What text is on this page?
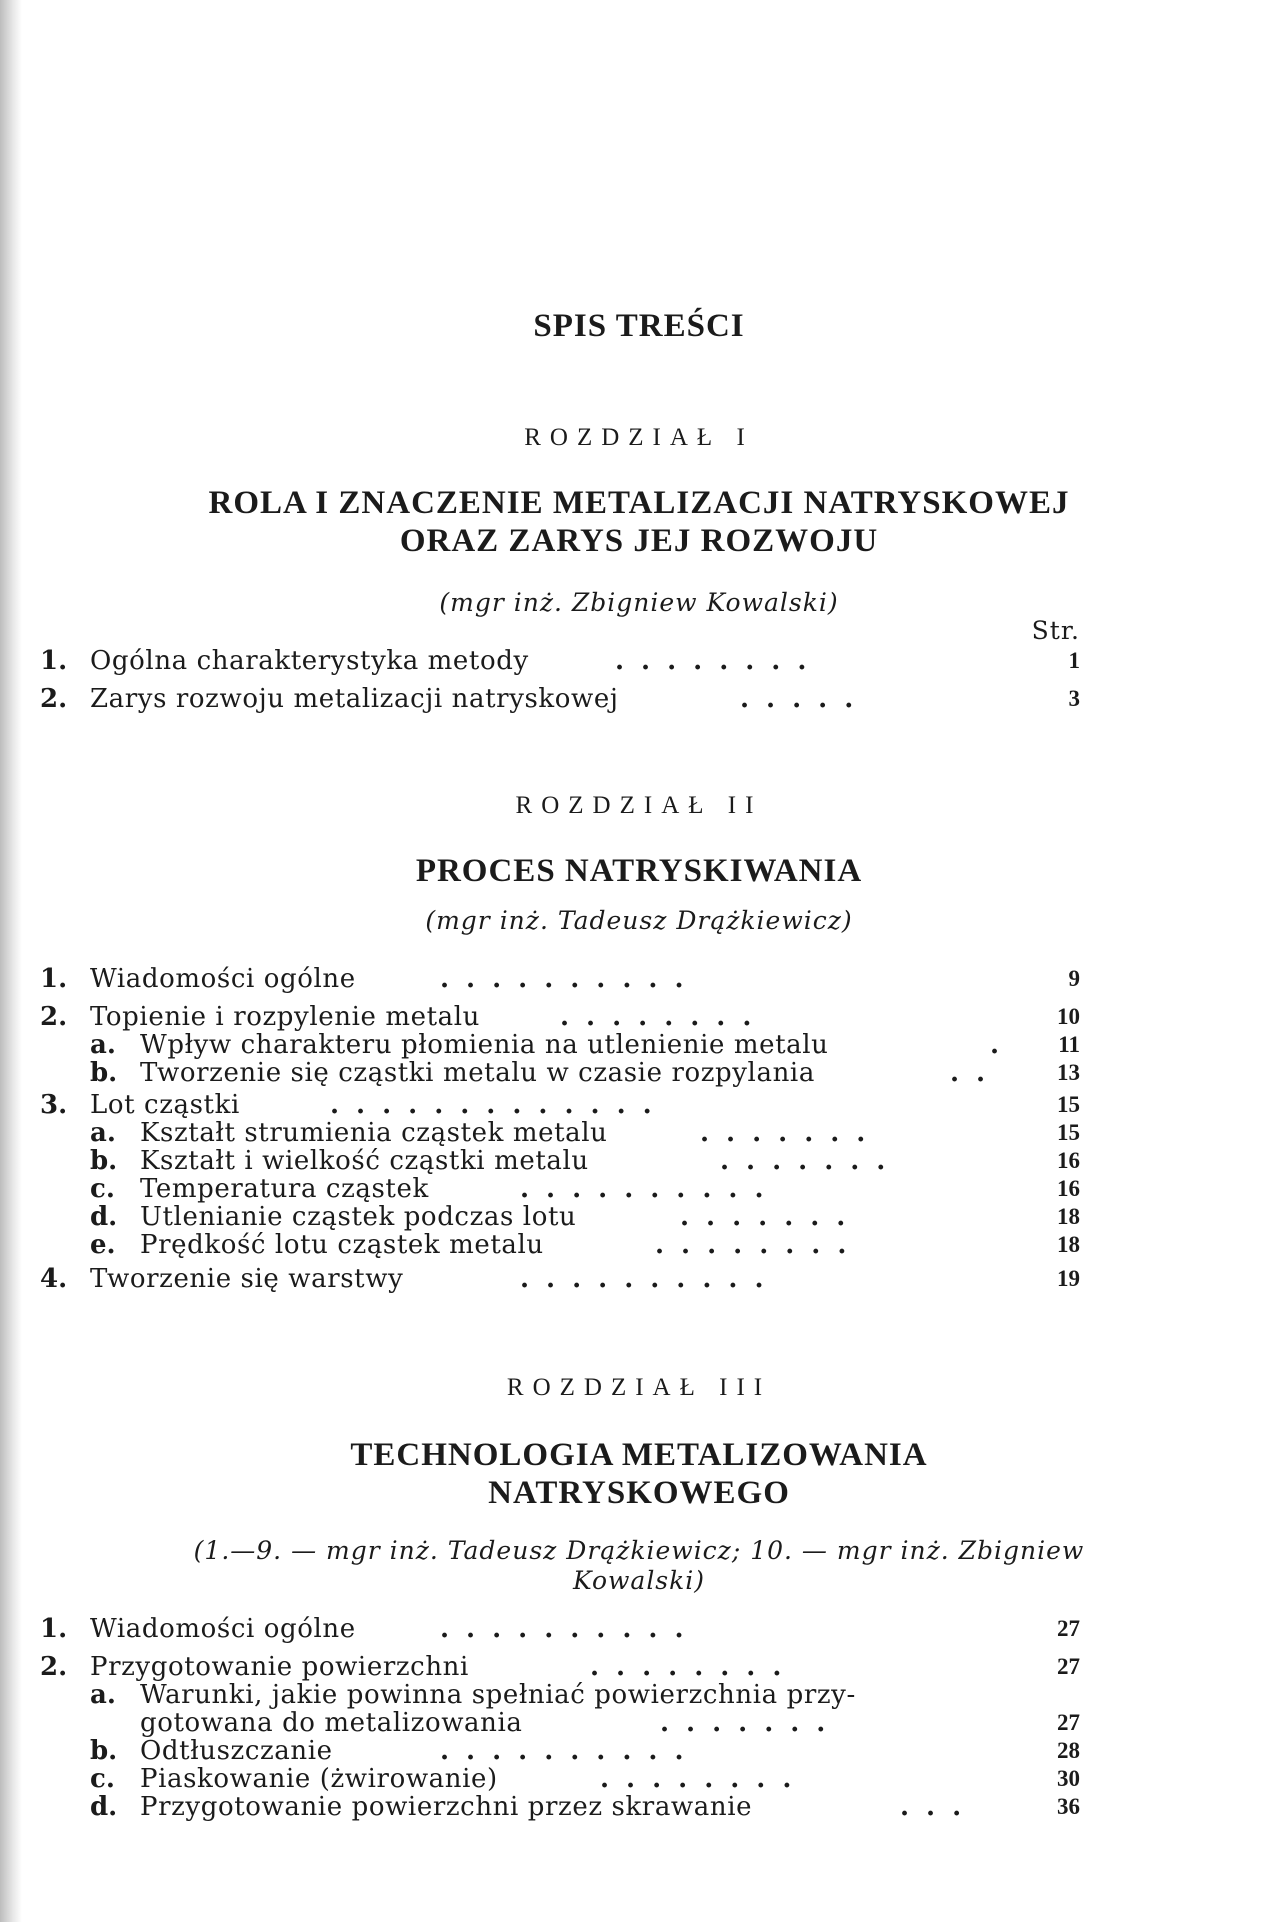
SPIS TREŚCI
ROZDZIAŁ I
ROLA I ZNACZENIE METALIZACJI NATRYSKOWEJ
ORAZ ZARYS JEJ ROZWOJU
(mgr inż. Zbigniew Kowalski)
Str.
1. Ogólna charakterystyka metody	........	1
2. Zarys rozwoju metalizacji natryskowej	.....	3
ROZDZIAŁ II
PROCES NATRYSKIWANIA
(mgr inż. Tadeusz Drążkiewicz)
1. Wiadomości ogólne	..........	9
2. Topienie i rozpylenie metalu	........	10
a. Wpływ charakteru płomienia na utlenienie metalu	.	11
b. Tworzenie się cząstki metalu w czasie rozpylania	..	13
3. Lot cząstki	.............	15
a. Kształt strumienia cząstek metalu	.......	15
b. Kształt i wielkość cząstki metalu	.......	16
c. Temperatura cząstek	..........	16
d. Utlenianie cząstek podczas lotu	.......	18
e. Prędkość lotu cząstek metalu	........	18
4. Tworzenie się warstwy	..........	19
ROZDZIAŁ III
TECHNOLOGIA METALIZOWANIA
NATRYSKOWEGO
(1.—9. — mgr inż. Tadeusz Drążkiewicz; 10. — mgr inż. Zbigniew
Kowalski)
1. Wiadomości ogólne	..........	27
2. Przygotowanie powierzchni	........	27
a. Warunki, jakie powinna spełniać powierzchnia przy-
gotowana do metalizowania	.......	27
b. Odtłuszczanie	..........	28
c. Piaskowanie (żwirowanie)	........	30
d. Przygotowanie powierzchni przez skrawanie	...	36
